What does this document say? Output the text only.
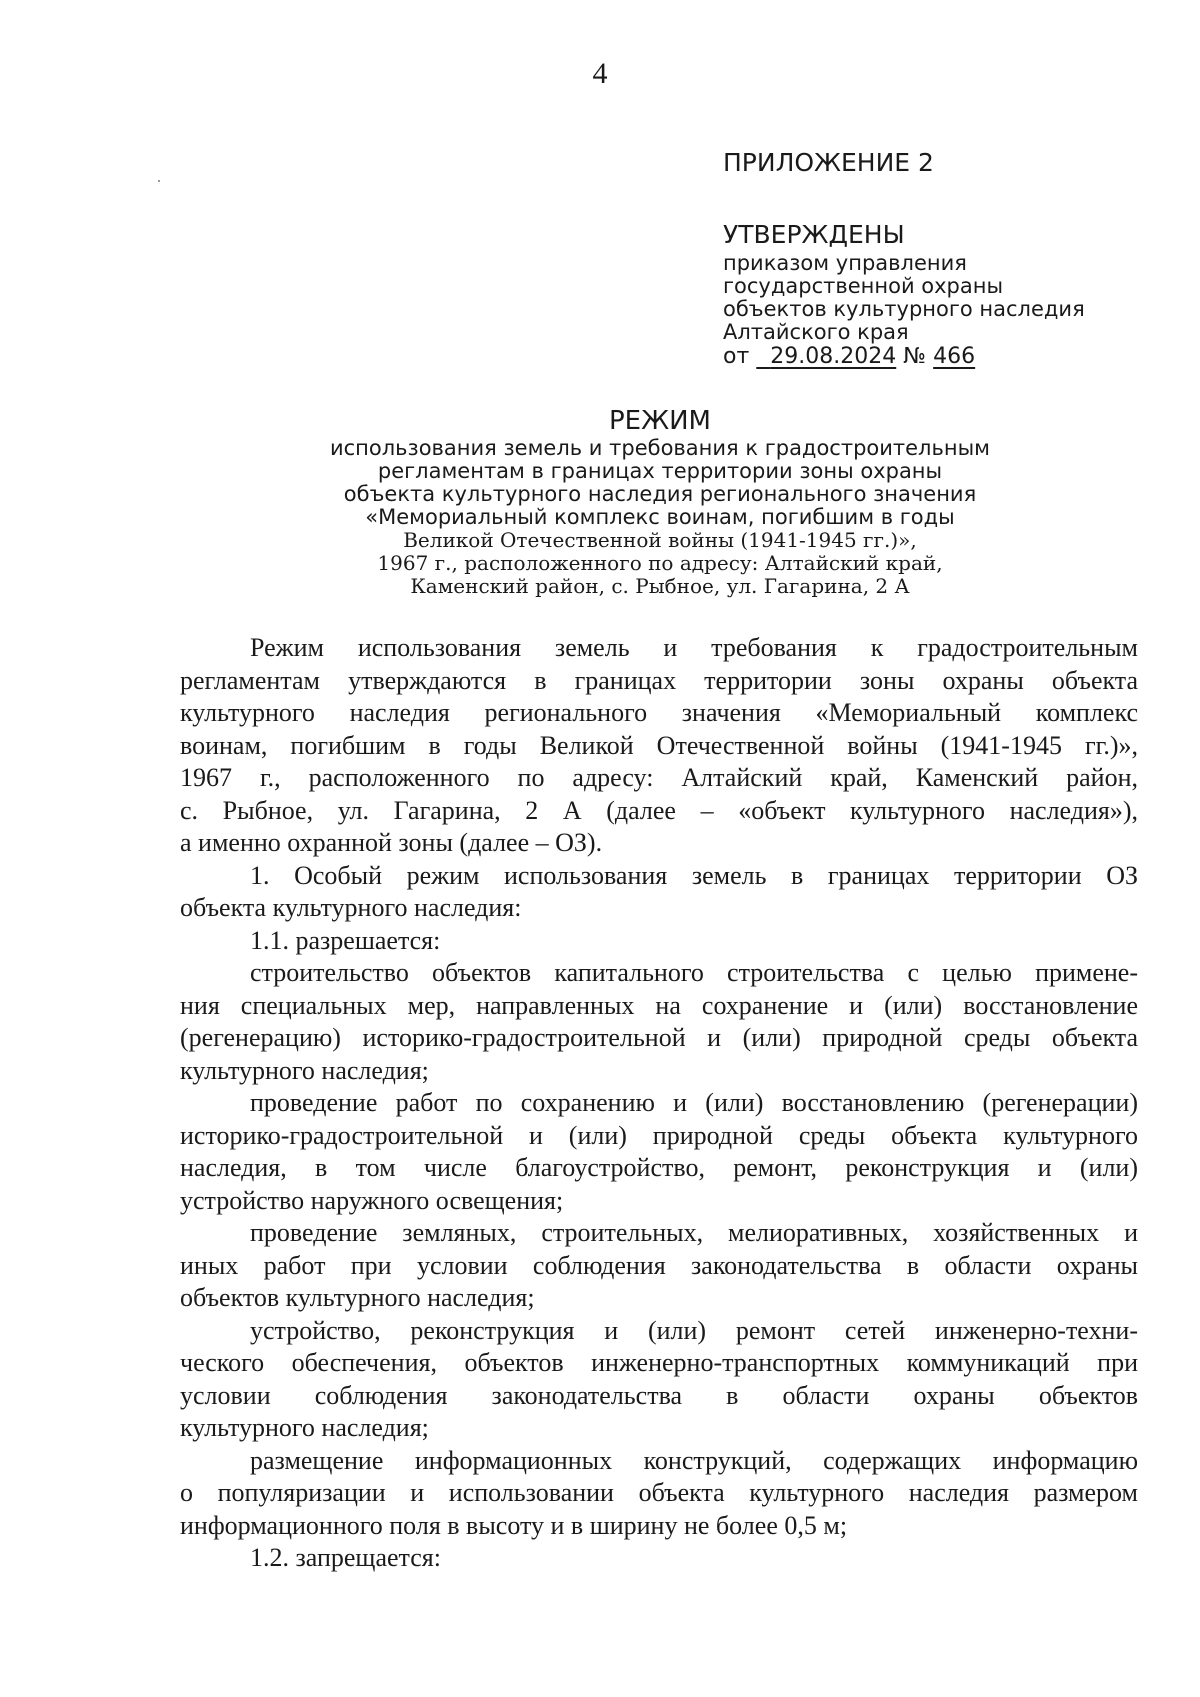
4
ПРИЛОЖЕНИЕ 2
УТВЕРЖДЕНЫ
приказом управления
государственной охраны
объектов культурного наследия
Алтайского края
от 29.08.2024 № 466
РЕЖИМ
использования земель и требования к градостроительным
регламентам в границах территории зоны охраны
объекта культурного наследия регионального значения
«Мемориальный комплекс воинам, погибшим в годы
Великой Отечественной войны (1941-1945 гг.)»,
1967 г., расположенного по адресу: Алтайский край,
Каменский район, с. Рыбное, ул. Гагарина, 2 А
Режим использования земель и требования к градостроительным
регламентам утверждаются в границах территории зоны охраны объекта
культурного наследия регионального значения «Мемориальный комплекс
воинам, погибшим в годы Великой Отечественной войны (1941-1945 гг.)»,
1967 г., расположенного по адресу: Алтайский край, Каменский район,
с. Рыбное, ул. Гагарина, 2 А (далее – «объект культурного наследия»),
а именно охранной зоны (далее – ОЗ).
1. Особый режим использования земель в границах территории ОЗ
объекта культурного наследия:
1.1. разрешается:
строительство объектов капитального строительства с целью примене-
ния специальных мер, направленных на сохранение и (или) восстановление
(регенерацию) историко-градостроительной и (или) природной среды объекта
культурного наследия;
проведение работ по сохранению и (или) восстановлению (регенерации)
историко-градостроительной и (или) природной среды объекта культурного
наследия, в том числе благоустройство, ремонт, реконструкция и (или)
устройство наружного освещения;
проведение земляных, строительных, мелиоративных, хозяйственных и
иных работ при условии соблюдения законодательства в области охраны
объектов культурного наследия;
устройство, реконструкция и (или) ремонт сетей инженерно-техни-
ческого обеспечения, объектов инженерно-транспортных коммуникаций при
условии соблюдения законодательства в области охраны объектов
культурного наследия;
размещение информационных конструкций, содержащих информацию
о популяризации и использовании объекта культурного наследия размером
информационного поля в высоту и в ширину не более 0,5 м;
1.2. запрещается:
